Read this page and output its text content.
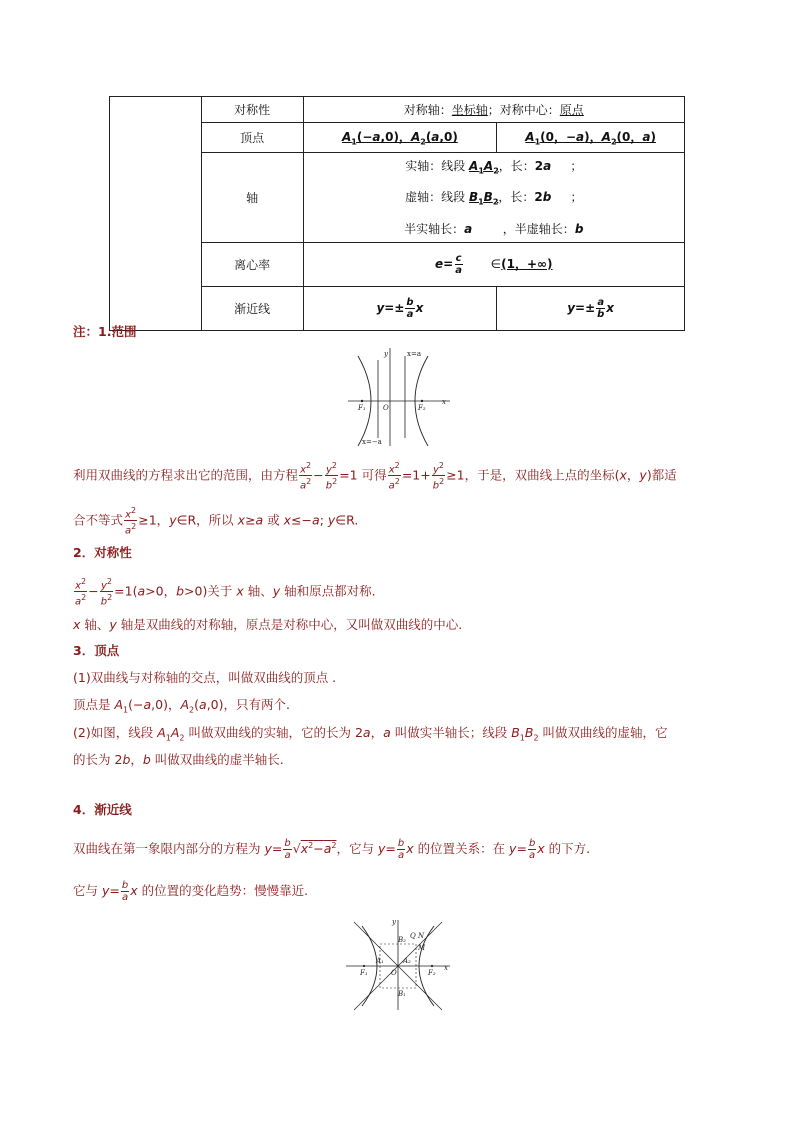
	对称性	对称轴：坐标轴；对称中心：原点	
	顶点	$A_1(-a,0)$，$A_2(a,0)$	$A_1(0$，−a)，$A_2(0$，a)
	轴	实轴：线段 $A_1A_2$，长：2a     ；
虚轴：线段 $B_1B_2$，长：2b     ；
半实轴长：a        ，半虚轴长：b	

	离心率	$e= \frac{c}{a}$ ∈(1，+∞)	
	渐近线	$y=\pm \frac{b}{a}$ x	$y=\pm \frac{a}{b}$ x
注：1.范围
x=a
x=−a
y
x
O
F₁	F₂
利用双曲线的方程求出它的范围，由方程 $\frac{x^2}{a^2} - \frac{y^2}{b^2} =1$ 可得 $\frac{x^2}{a^2} =1+ \frac{y^2}{b^2} \ge 1$，于是，双曲线上点的坐标(x，y)都适
合不等式 $\frac{x^2}{a^2} \ge 1$，y∈R，所以 x≥a 或 x≤−a; y∈R.
2．对称性
$\frac{x^2}{a^2} - \frac{y^2}{b^2} =1(a>0$，b>0)关于 x 轴、y 轴和原点都对称.
x 轴、y 轴是双曲线的对称轴，原点是对称中心，又叫做双曲线的中心.
3．顶点
(1)双曲线与对称轴的交点，叫做双曲线的顶点 .
顶点是 $A_1(-a,0)$，$A_2(a,0)$，只有两个.
(2)如图，线段 $A_1A_2$ 叫做双曲线的实轴，它的长为 2a，a 叫做实半轴长；线段 $B_1B_2$ 叫做双曲线的虚轴，它
的长为 2b，b 叫做双曲线的虚半轴长.
4．渐近线
双曲线在第一象限内部分的方程为 $y= \frac{b}{a} √x^2-a^2$，它与 $y= \frac{b}{a}$ x 的位置关系：在 $y= \frac{b}{a}$ x 的下方.
它与 $y= \frac{b}{a}$ x 的位置的变化趋势：慢慢靠近.
y
x
O
F₁	F₂
A₁	A₂
B₂
B₁
Q N
M
